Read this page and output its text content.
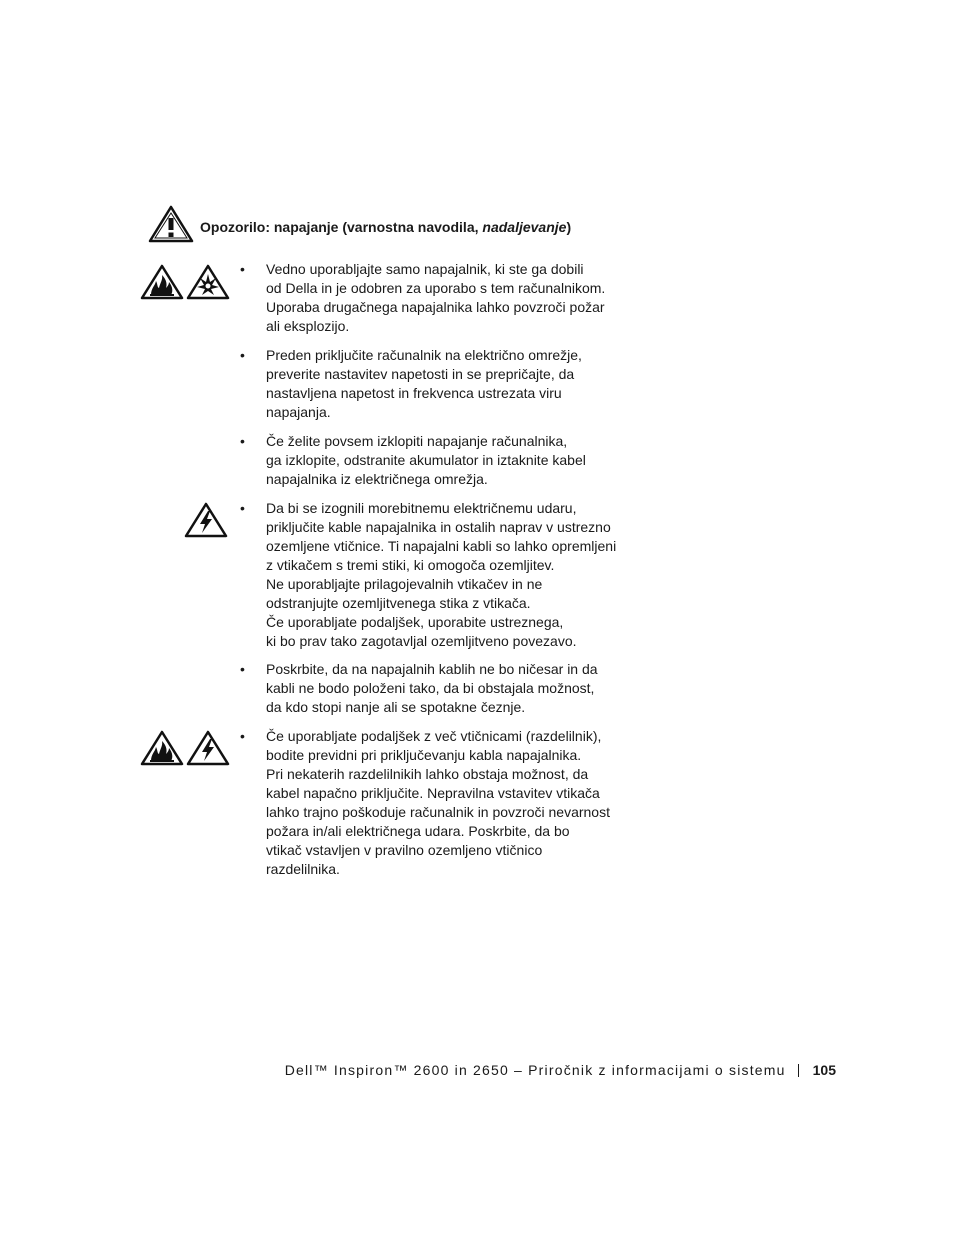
Opozorilo: napajanje (varnostna navodila, nadaljevanje)
• Vedno uporabljajte samo napajalnik, ki ste ga dobili
od Della in je odobren za uporabo s tem računalnikom.
Uporaba drugačnega napajalnika lahko povzroči požar
ali eksplozijo.
• Preden priključite računalnik na električno omrežje,
preverite nastavitev napetosti in se prepričajte, da
nastavljena napetost in frekvenca ustrezata viru
napajanja.
• Če želite povsem izklopiti napajanje računalnika,
ga izklopite, odstranite akumulator in iztaknite kabel
napajalnika iz električnega omrežja.
• Da bi se izognili morebitnemu električnemu udaru,
priključite kable napajalnika in ostalih naprav v ustrezno
ozemljene vtičnice. Ti napajalni kabli so lahko opremljeni
z vtikačem s tremi stiki, ki omogoča ozemljitev.
Ne uporabljajte prilagojevalnih vtikačev in ne
odstranjujte ozemljitvenega stika z vtikača.
Če uporabljate podaljšek, uporabite ustreznega,
ki bo prav tako zagotavljal ozemljitveno povezavo.
• Poskrbite, da na napajalnih kablih ne bo ničesar in da
kabli ne bodo položeni tako, da bi obstajala možnost,
da kdo stopi nanje ali se spotakne čeznje.
• Če uporabljate podaljšek z več vtičnicami (razdelilnik),
bodite previdni pri priključevanju kabla napajalnika.
Pri nekaterih razdelilnikih lahko obstaja možnost, da
kabel napačno priključite. Nepravilna vstavitev vtikača
lahko trajno poškoduje računalnik in povzroči nevarnost
požara in/ali električnega udara. Poskrbite, da bo
vtikač vstavljen v pravilno ozemljeno vtičnico
razdelilnika.
Dell™ Inspiron™ 2600 in 2650 – Priročnik z informacijami o sistemu 105
